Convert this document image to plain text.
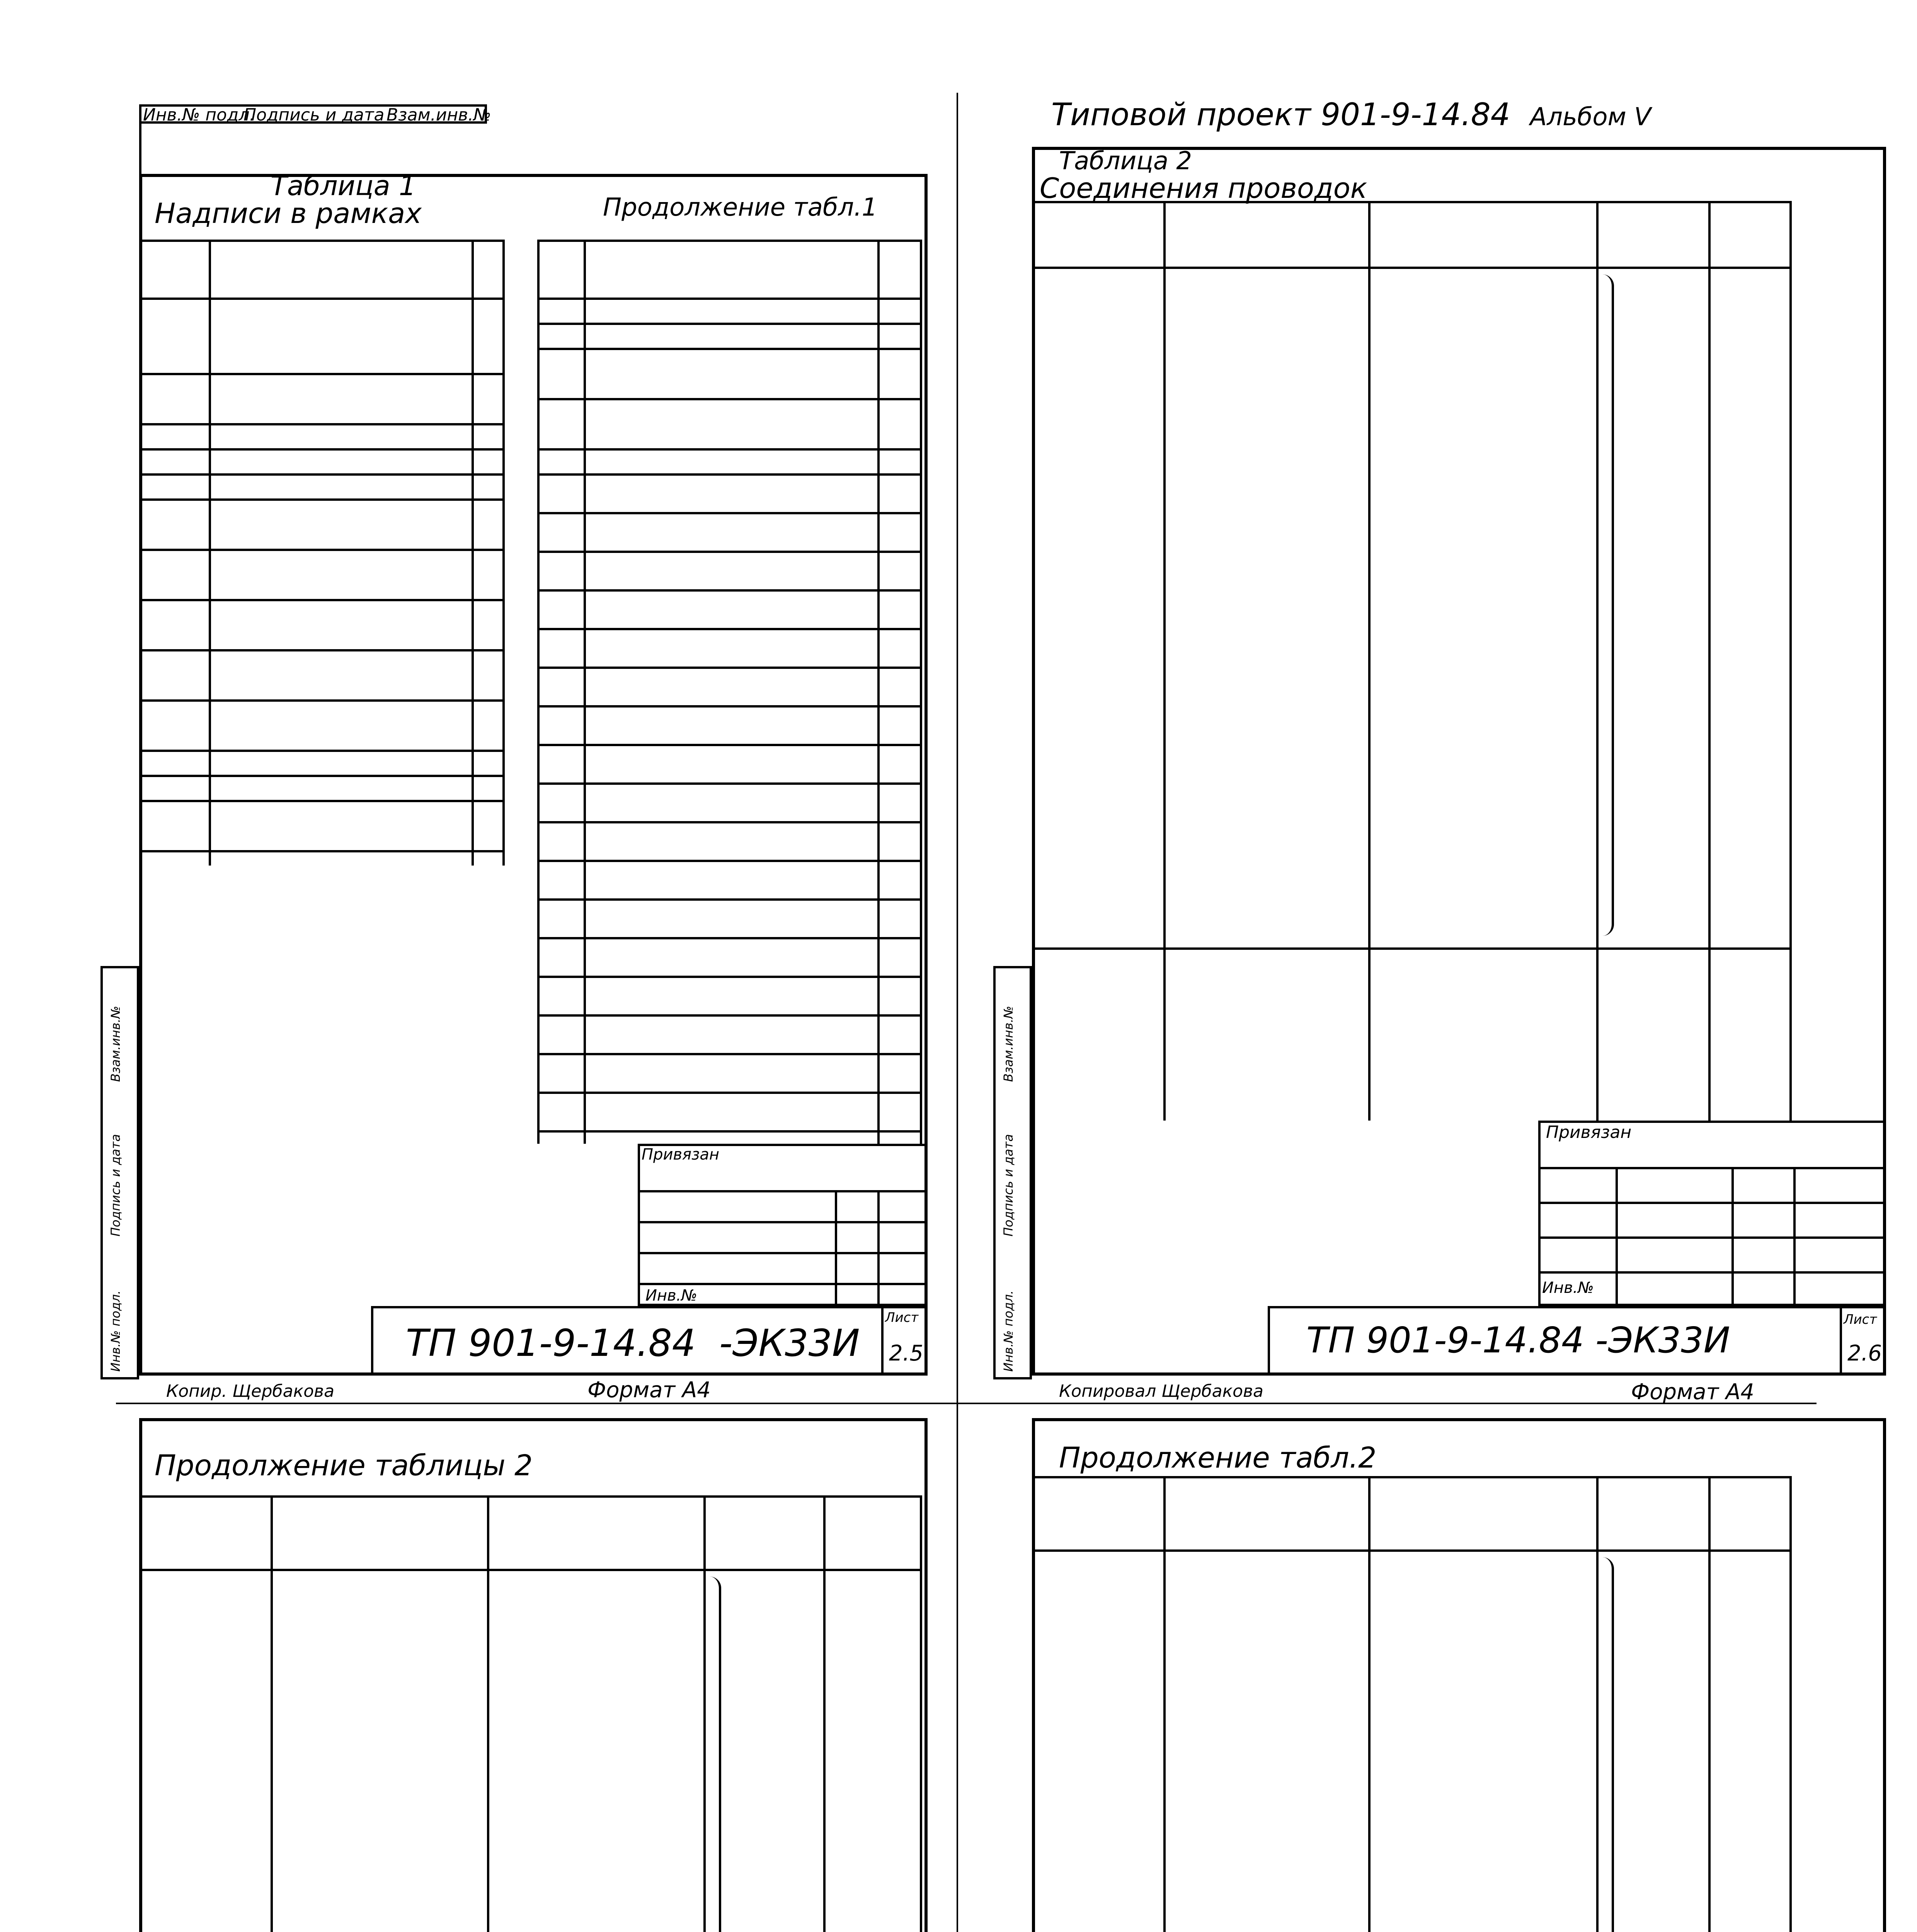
Инв.№ подл.
Подпись и дата Взам.инв.№
Таблица 1
Надписи в рамках	Продолжение табл.1
Инв.№ подл.
Подпись и дата
Взам.инв.№
Привязан
Инв.№
ТП 901-9-14.84 -ЭК33И
Лист
2.5
Копир. Щербакова	Формат А4
Типовой проект 901-9-14.84 Альбом V
Таблица 2
Соединения проводок
Инв.№ подл.
Подпись и дата
Взам.инв.№
Привязан
Инв.№
ТП 901-9-14.84 -ЭК33И	Лист
2.6
Копировал Щербакова	Формат А4
Продолжение таблицы 2
	Продолжение табл.2
